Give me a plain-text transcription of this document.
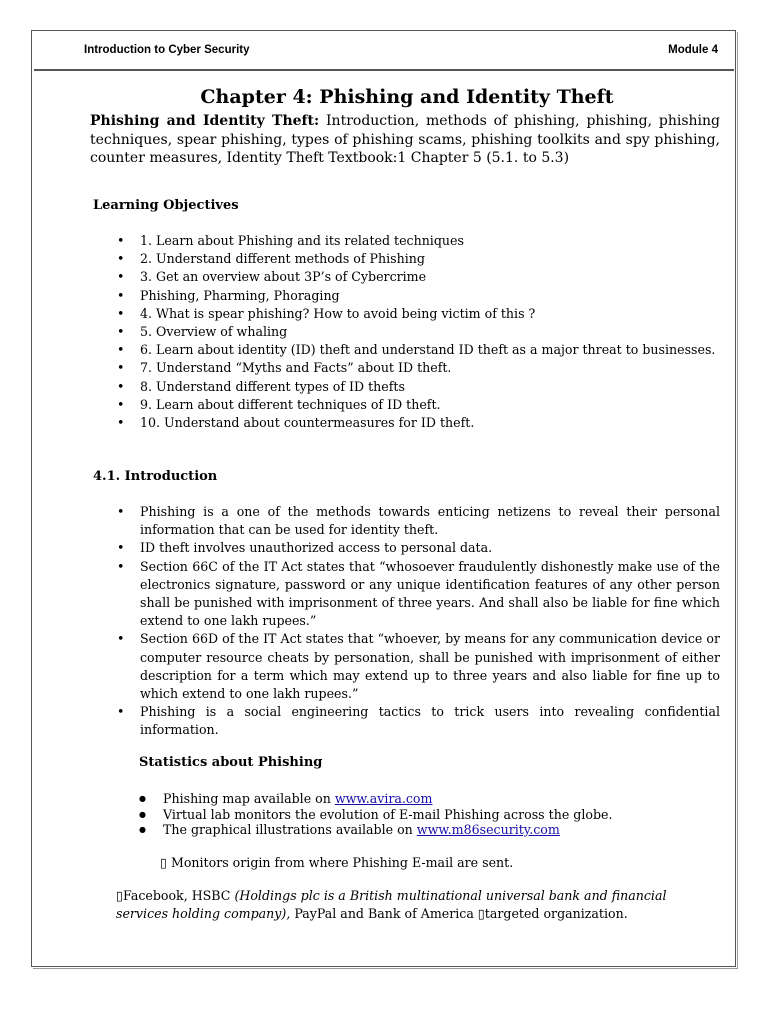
Introduction to Cyber Security	Module 4
Chapter 4: Phishing and Identity Theft
Phishing and Identity Theft: Introduction, methods of phishing, phishing, phishing techniques, spear phishing, types of phishing scams, phishing toolkits and spy phishing, counter measures, Identity Theft Textbook:1 Chapter 5 (5.1. to 5.3)
Learning Objectives
• 1. Learn about Phishing and its related techniques
• 2. Understand different methods of Phishing
• 3. Get an overview about 3P’s of Cybercrime
• Phishing, Pharming, Phoraging
• 4. What is spear phishing? How to avoid being victim of this ?
• 5. Overview of whaling
• 6. Learn about identity (ID) theft and understand ID theft as a major threat to businesses.
• 7. Understand “Myths and Facts” about ID theft.
• 8. Understand different types of ID thefts
• 9. Learn about different techniques of ID theft.
• 10. Understand about countermeasures for ID theft.
4.1. Introduction
• Phishing is a one of the methods towards enticing netizens to reveal their personal information that can be used for identity theft.
• ID theft involves unauthorized access to personal data.
• Section 66C of the IT Act states that “whosoever fraudulently dishonestly make use of the electronics signature, password or any unique identification features of any other person shall be punished with imprisonment of three years. And shall also be liable for fine which extend to one lakh rupees.”
• Section 66D of the IT Act states that “whoever, by means for any communication device or computer resource cheats by personation, shall be punished with imprisonment of either description for a term which may extend up to three years and also liable for fine up to which extend to one lakh rupees.”
• Phishing is a social engineering tactics to trick users into revealing confidential information.
Statistics about Phishing
● Phishing map available on www.avira.com
● Virtual lab monitors the evolution of E-mail Phishing across the globe.
● The graphical illustrations available on www.m86security.com
▯ Monitors origin from where Phishing E-mail are sent.
▯Facebook, HSBC (Holdings plc is a British multinational universal bank and financial services holding company), PayPal and Bank of America ▯targeted organization.
